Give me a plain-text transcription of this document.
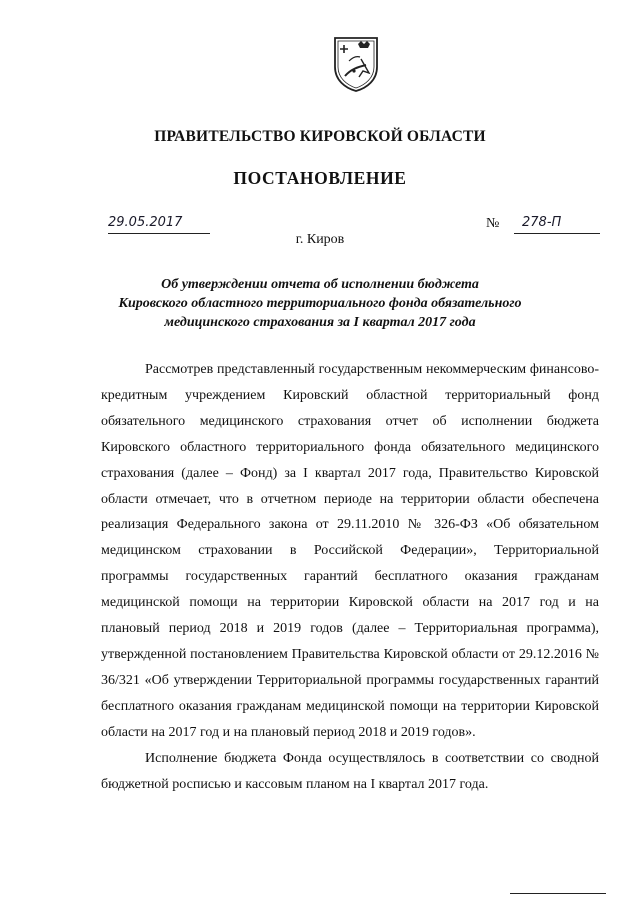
ПРАВИТЕЛЬСТВО КИРОВСКОЙ ОБЛАСТИ
ПОСТАНОВЛЕНИЕ
29.05.2017	№ 278-П
г. Киров
Об утверждении отчета об исполнении бюджета
Кировского областного территориального фонда обязательного
медицинского страхования за I квартал 2017 года

Рассмотрев представленный государственным некоммерческим финансово-кредитным учреждением Кировский областной территориальный фонд обязательного медицинского страхования отчет об исполнении бюджета Кировского областного территориального фонда обязательного медицинского страхования (далее – Фонд) за I квартал 2017 года, Правительство Кировской области отмечает, что в отчетном периоде на территории области обеспечена реализация Федерального закона от 29.11.2010 № 326-ФЗ «Об обязательном медицинском страховании в Российской Федерации», Территориальной программы государственных гарантий бесплатного оказания гражданам медицинской помощи на территории Кировской области на 2017 год и на плановый период 2018 и 2019 годов (далее – Территориальная программа), утвержденной постановлением Правительства Кировской области от 29.12.2016 № 36/321 «Об утверждении Территориальной программы государственных гарантий бесплатного оказания гражданам медицинской помощи на территории Кировской области на 2017 год и на плановый период 2018 и 2019 годов».

Исполнение бюджета Фонда осуществлялось в соответствии со сводной бюджетной росписью и кассовым планом на I квартал 2017 года.
